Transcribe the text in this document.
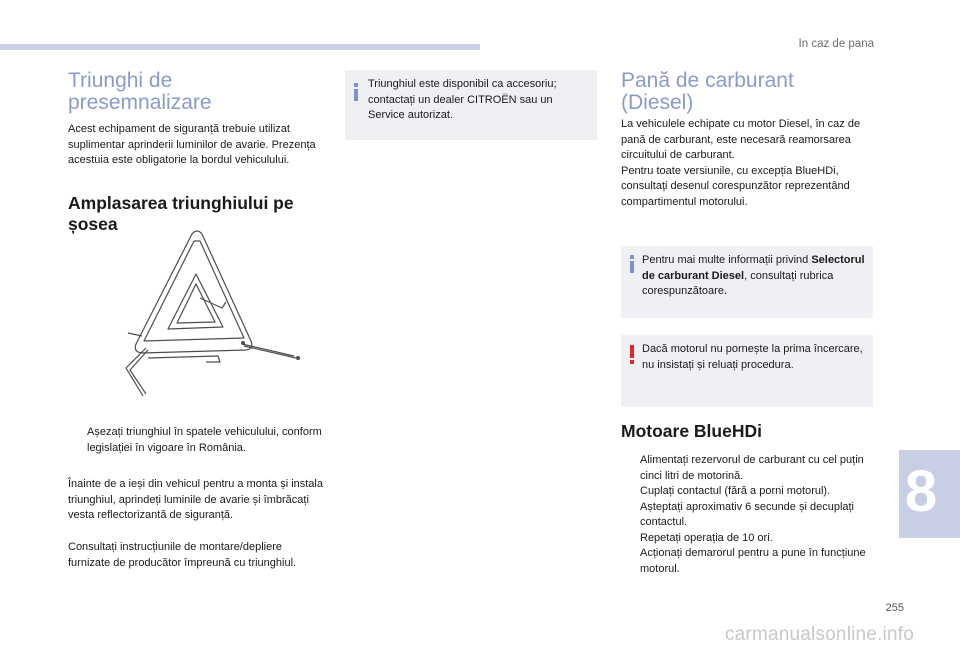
In caz de pana
Triunghi de presemnalizare

Acest echipament de siguranță trebuie utilizat suplimentar aprinderii luminilor de avarie. Prezența acestuia este obligatorie la bordul vehiculului.

Amplasarea triunghiului pe șosea
Așezați triunghiul în spatele vehiculului, conform legislației în vigoare în România.

Înainte de a ieși din vehicul pentru a monta și instala triunghiul, aprindeți luminile de avarie și îmbrăcați vesta reflectorizantă de siguranță.

Consultați instrucțiunile de montare/depliere furnizate de producător împreună cu triunghiul.

Triunghiul este disponibil ca accesoriu; contactați un dealer CITROËN sau un Service autorizat.

Pană de carburant (Diesel)

La vehiculele echipate cu motor Diesel, în caz de pană de carburant, este necesară reamorsarea circuitului de carburant.
Pentru toate versiunile, cu excepția BlueHDi, consultați desenul corespunzător reprezentând compartimentul motorului.

Pentru mai multe informații privind Selectorul de carburant Diesel, consultați rubrica corespunzătoare.

Dacă motorul nu pornește la prima încercare, nu insistați și reluați procedura.

Motoare BlueHDi
Alimentați rezervorul de carburant cu cel puțin cinci litri de motorină.
Cuplați contactul (fără a porni motorul).
Așteptați aproximativ 6 secunde și decuplați contactul.
Repetați operația de 10 ori.
Acționați demarorul pentru a pune în funcțiune motorul.
8
255
carmanualsonline.info
